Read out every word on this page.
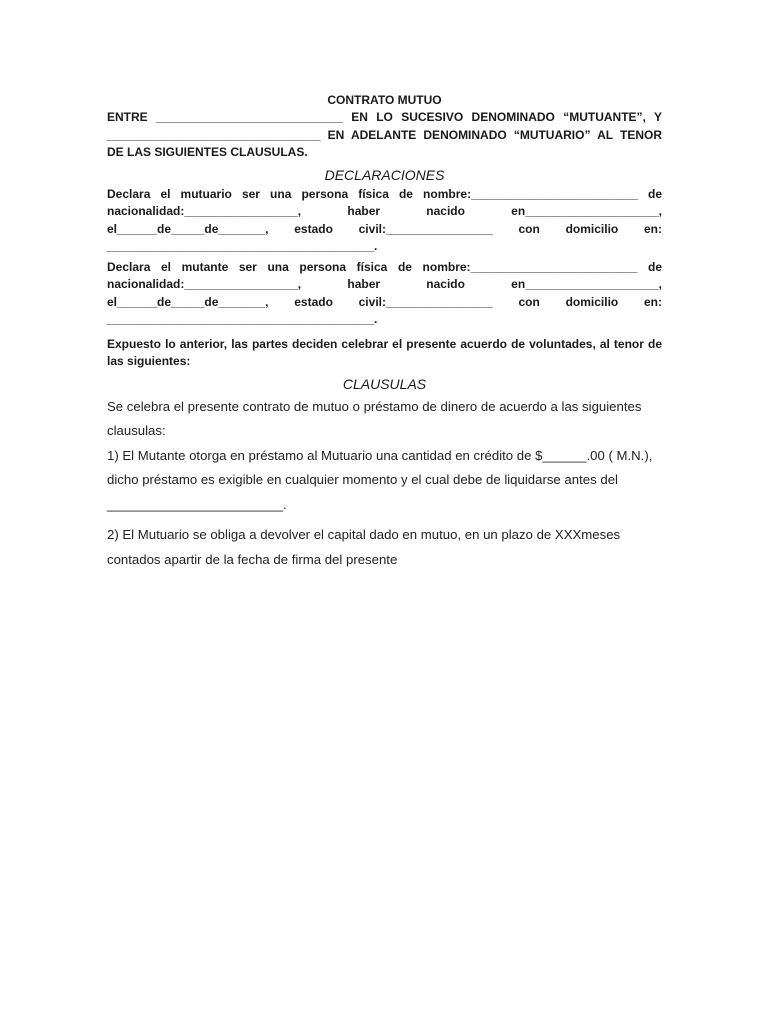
CONTRATO MUTUO

ENTRE ____________________________ EN LO SUCESIVO DENOMINADO “MUTUANTE”, Y

________________________________ EN ADELANTE DENOMINADO “MUTUARIO” AL TENOR

DE LAS SIGUIENTES CLAUSULAS.

DECLARACIONES

Declara el mutuario ser una persona física de nombre:_________________________ de

nacionalidad:_________________, haber nacido en____________________,

el______de_____de_______, estado civil:________________ con domicilio en:

________________________________________.

Declara el mutante ser una persona física de nombre:_________________________ de

nacionalidad:_________________, haber nacido en____________________,

el______de_____de_______, estado civil:________________ con domicilio en:

________________________________________.

Expuesto lo anterior, las partes deciden celebrar el presente acuerdo de voluntades, al tenor de las siguientes:

CLAUSULAS

Se celebra el presente contrato de mutuo o préstamo de dinero de acuerdo a las siguientes clausulas:

1) El Mutante otorga en préstamo al Mutuario una cantidad en crédito de $______.00 ( M.N.), dicho préstamo es exigible en cualquier momento y el cual debe de liquidarse antes del ________________________.

2) El Mutuario se obliga a devolver el capital dado en mutuo, en un plazo de XXXmeses contados apartir de la fecha de firma del presente
